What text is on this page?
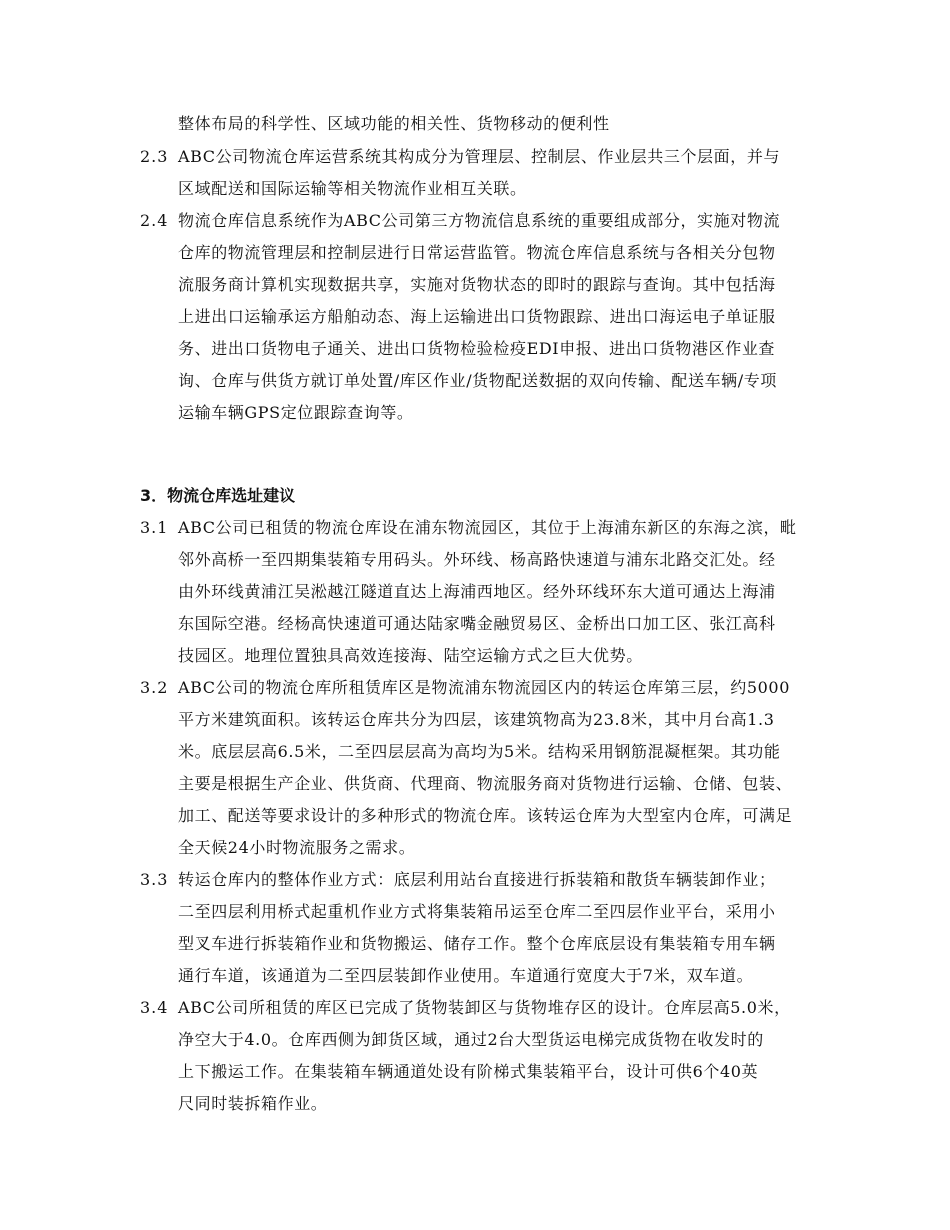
整体布局的科学性、区域功能的相关性、货物移动的便利性
2.3 ABC公司物流仓库运营系统其构成分为管理层、控制层、作业层共三个层面，并与
区域配送和国际运输等相关物流作业相互关联。
2.4 物流仓库信息系统作为ABC公司第三方物流信息系统的重要组成部分，实施对物流
仓库的物流管理层和控制层进行日常运营监管。物流仓库信息系统与各相关分包物
流服务商计算机实现数据共享，实施对货物状态的即时的跟踪与查询。其中包括海
上进出口运输承运方船舶动态、海上运输进出口货物跟踪、进出口海运电子单证服
务、进出口货物电子通关、进出口货物检验检疫EDI申报、进出口货物港区作业查
询、仓库与供货方就订单处置/库区作业/货物配送数据的双向传输、配送车辆/专项
运输车辆GPS定位跟踪查询等。
3．物流仓库选址建议
3.1 ABC公司已租赁的物流仓库设在浦东物流园区，其位于上海浦东新区的东海之滨，毗
邻外高桥一至四期集装箱专用码头。外环线、杨高路快速道与浦东北路交汇处。经
由外环线黄浦江吴淞越江隧道直达上海浦西地区。经外环线环东大道可通达上海浦
东国际空港。经杨高快速道可通达陆家嘴金融贸易区、金桥出口加工区、张江高科
技园区。地理位置独具高效连接海、陆空运输方式之巨大优势。
3.2 ABC公司的物流仓库所租赁库区是物流浦东物流园区内的转运仓库第三层，约5000
平方米建筑面积。该转运仓库共分为四层，该建筑物高为23.8米，其中月台高1.3
米。底层层高6.5米，二至四层层高为高均为5米。结构采用钢筋混凝框架。其功能
主要是根据生产企业、供货商、代理商、物流服务商对货物进行运输、仓储、包装、
加工、配送等要求设计的多种形式的物流仓库。该转运仓库为大型室内仓库，可满足
全天候24小时物流服务之需求。
3.3 转运仓库内的整体作业方式：底层利用站台直接进行拆装箱和散货车辆装卸作业；
二至四层利用桥式起重机作业方式将集装箱吊运至仓库二至四层作业平台，采用小
型叉车进行拆装箱作业和货物搬运、储存工作。整个仓库底层设有集装箱专用车辆
通行车道，该通道为二至四层装卸作业使用。车道通行宽度大于7米，双车道。
3.4 ABC公司所租赁的库区已完成了货物装卸区与货物堆存区的设计。仓库层高5.0米，
净空大于4.0。仓库西侧为卸货区域，通过2台大型货运电梯完成货物在收发时的
上下搬运工作。在集装箱车辆通道处设有阶梯式集装箱平台，设计可供6个40英
尺同时装拆箱作业。
